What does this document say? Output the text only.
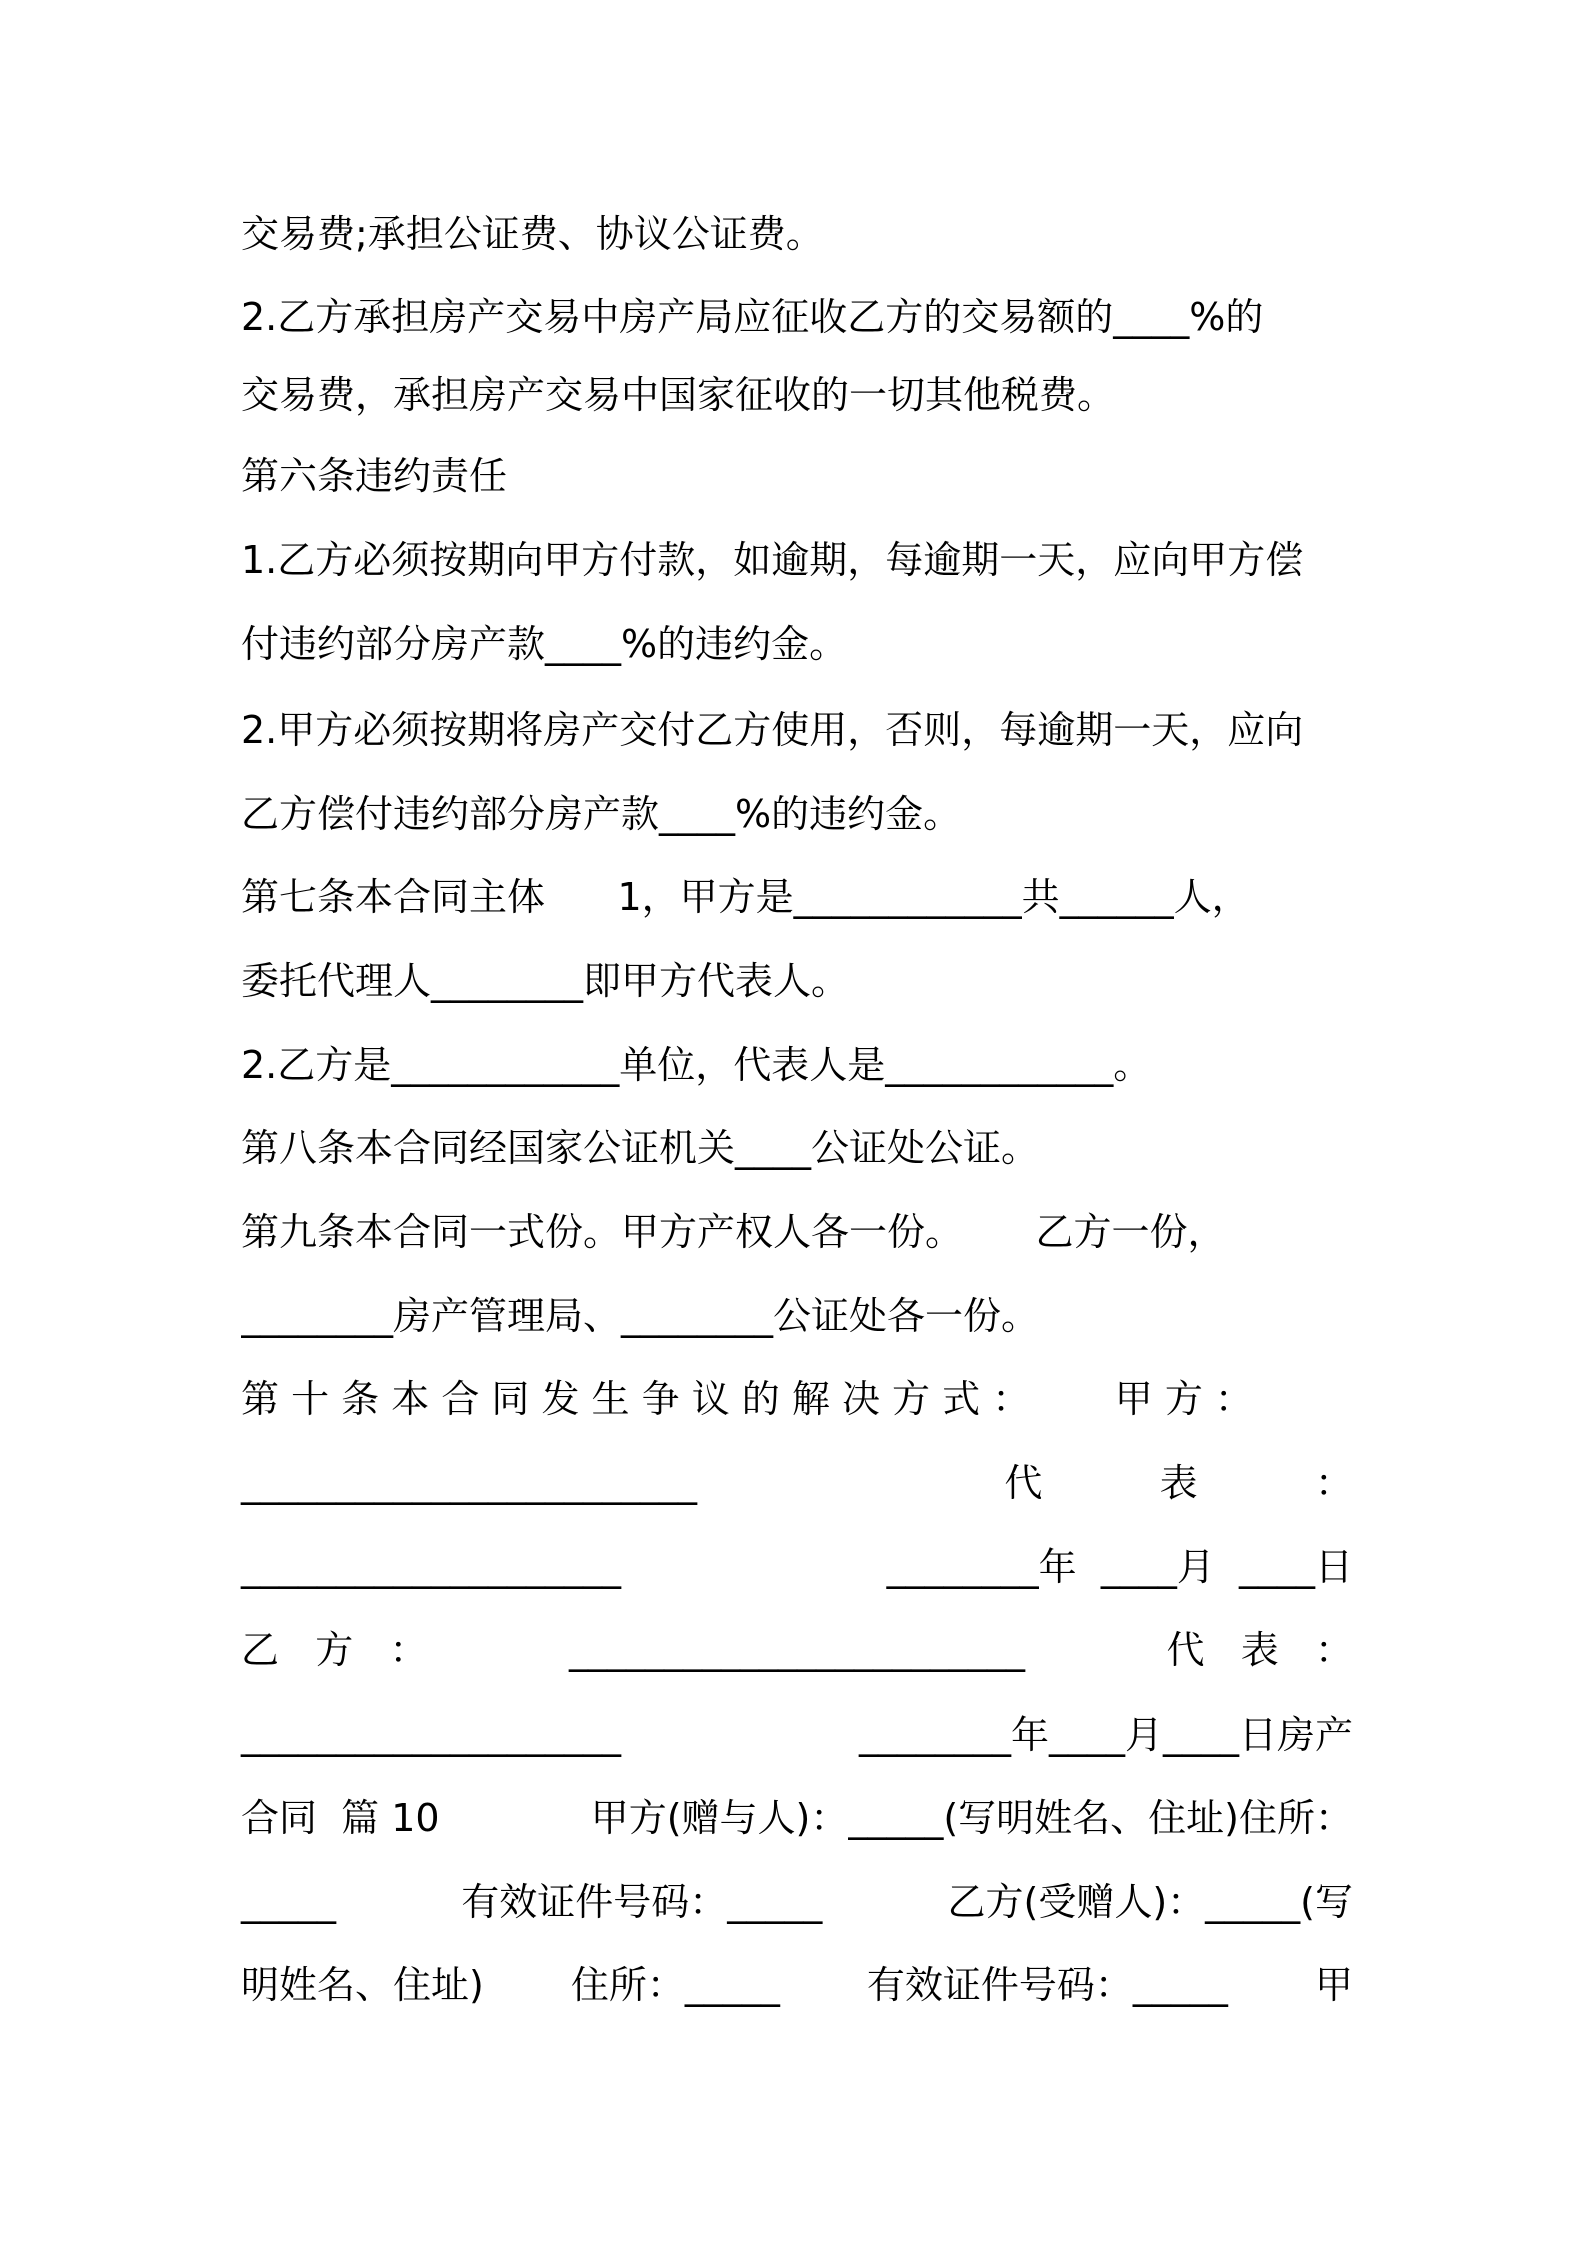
交易费;承担公证费、协议公证费。
2.乙方承担房产交易中房产局应征收乙方的交易额的____%的
交易费，承担房产交易中国家征收的一切其他税费。
第六条违约责任
1.乙方必须按期向甲方付款，如逾期，每逾期一天，应向甲方偿
付违约部分房产款____%的违约金。
2.甲方必须按期将房产交付乙方使用，否则，每逾期一天，应向
乙方偿付违约部分房产款____%的违约金。
第七条本合同主体      1，甲方是____________共______人，
委托代理人________即甲方代表人。
2.乙方是____________单位，代表人是____________。
第八条本合同经国家公证机关____公证处公证。
第九条本合同一式份。甲方产权人各一份。      乙方一份，
________房产管理局、________公证处各一份。
第 十 条 本 合 同 发 生 争 议 的 解 决 方 式 ：       甲 方 ：
________________________	代	表	：
____________________	________年  ____月  ____日
乙   方   ：	________________________	代   表   ：
____________________	________年____月____日房产
合同  篇 10	甲方(赠与人)：_____(写明姓名、住址)住所：
_____	有效证件号码：_____	乙方(受赠人)：_____(写
明姓名、住址) 住所：_____ 有效证件号码：_____ 甲
